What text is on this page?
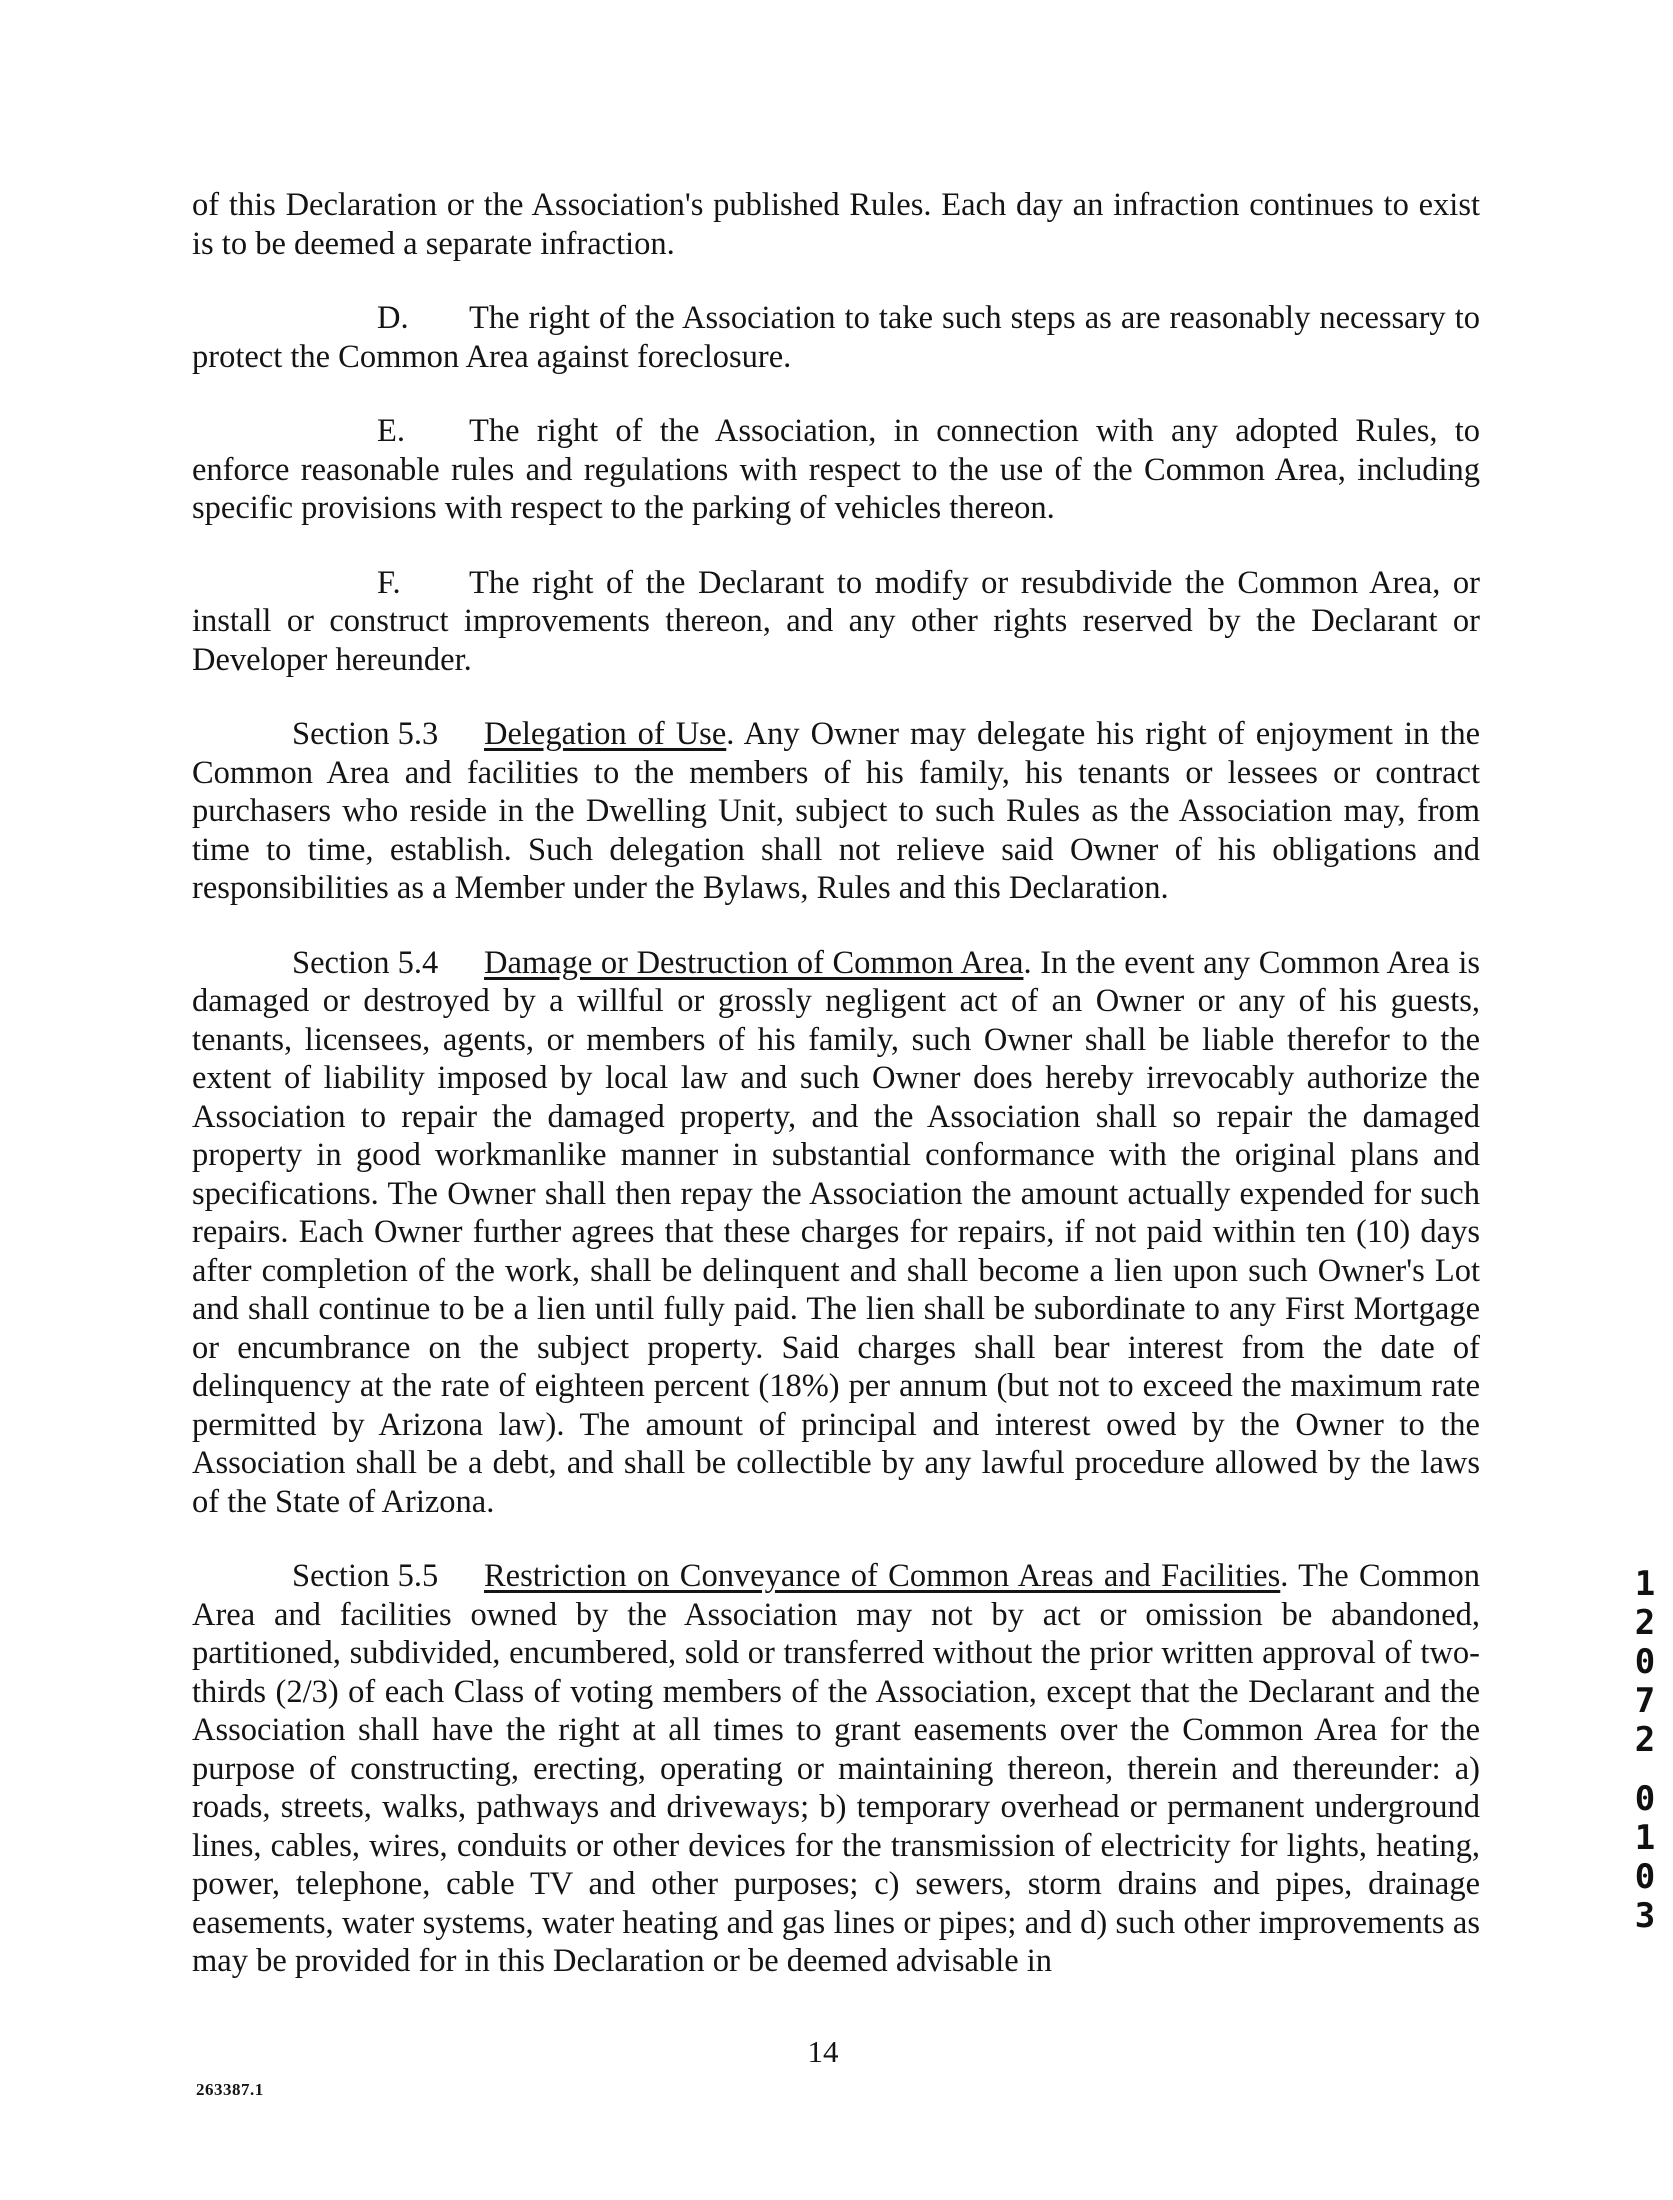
of this Declaration or the Association's published Rules. Each day an infraction continues to exist is to be deemed a separate infraction.

D. The right of the Association to take such steps as are reasonably necessary to protect the Common Area against foreclosure.

E. The right of the Association, in connection with any adopted Rules, to enforce reasonable rules and regulations with respect to the use of the Common Area, including specific provisions with respect to the parking of vehicles thereon.

F. The right of the Declarant to modify or resubdivide the Common Area, or install or construct improvements thereon, and any other rights reserved by the Declarant or Developer hereunder.

Section 5.3 Delegation of Use. Any Owner may delegate his right of enjoyment in the Common Area and facilities to the members of his family, his tenants or lessees or contract purchasers who reside in the Dwelling Unit, subject to such Rules as the Association may, from time to time, establish. Such delegation shall not relieve said Owner of his obligations and responsibilities as a Member under the Bylaws, Rules and this Declaration.

Section 5.4 Damage or Destruction of Common Area. In the event any Common Area is damaged or destroyed by a willful or grossly negligent act of an Owner or any of his guests, tenants, licensees, agents, or members of his family, such Owner shall be liable therefor to the extent of liability imposed by local law and such Owner does hereby irrevocably authorize the Association to repair the damaged property, and the Association shall so repair the damaged property in good workmanlike manner in substantial conformance with the original plans and specifications. The Owner shall then repay the Association the amount actually expended for such repairs. Each Owner further agrees that these charges for repairs, if not paid within ten (10) days after completion of the work, shall be delinquent and shall become a lien upon such Owner's Lot and shall continue to be a lien until fully paid. The lien shall be subordinate to any First Mortgage or encumbrance on the subject property. Said charges shall bear interest from the date of delinquency at the rate of eighteen percent (18%) per annum (but not to exceed the maximum rate permitted by Arizona law). The amount of principal and interest owed by the Owner to the Association shall be a debt, and shall be collectible by any lawful procedure allowed by the laws of the State of Arizona.

Section 5.5 Restriction on Conveyance of Common Areas and Facilities. The Common Area and facilities owned by the Association may not by act or omission be abandoned, partitioned, subdivided, encumbered, sold or transferred without the prior written approval of two-thirds (2/3) of each Class of voting members of the Association, except that the Declarant and the Association shall have the right at all times to grant easements over the Common Area for the purpose of constructing, erecting, operating or maintaining thereon, therein and thereunder: a) roads, streets, walks, pathways and driveways; b) temporary overhead or permanent underground lines, cables, wires, conduits or other devices for the transmission of electricity for lights, heating, power, telephone, cable TV and other purposes; c) sewers, storm drains and pipes, drainage easements, water systems, water heating and gas lines or pipes; and d) such other improvements as may be provided for in this Declaration or be deemed advisable in

1
2
0
7
2
0
1
0
3
263387.1
14
